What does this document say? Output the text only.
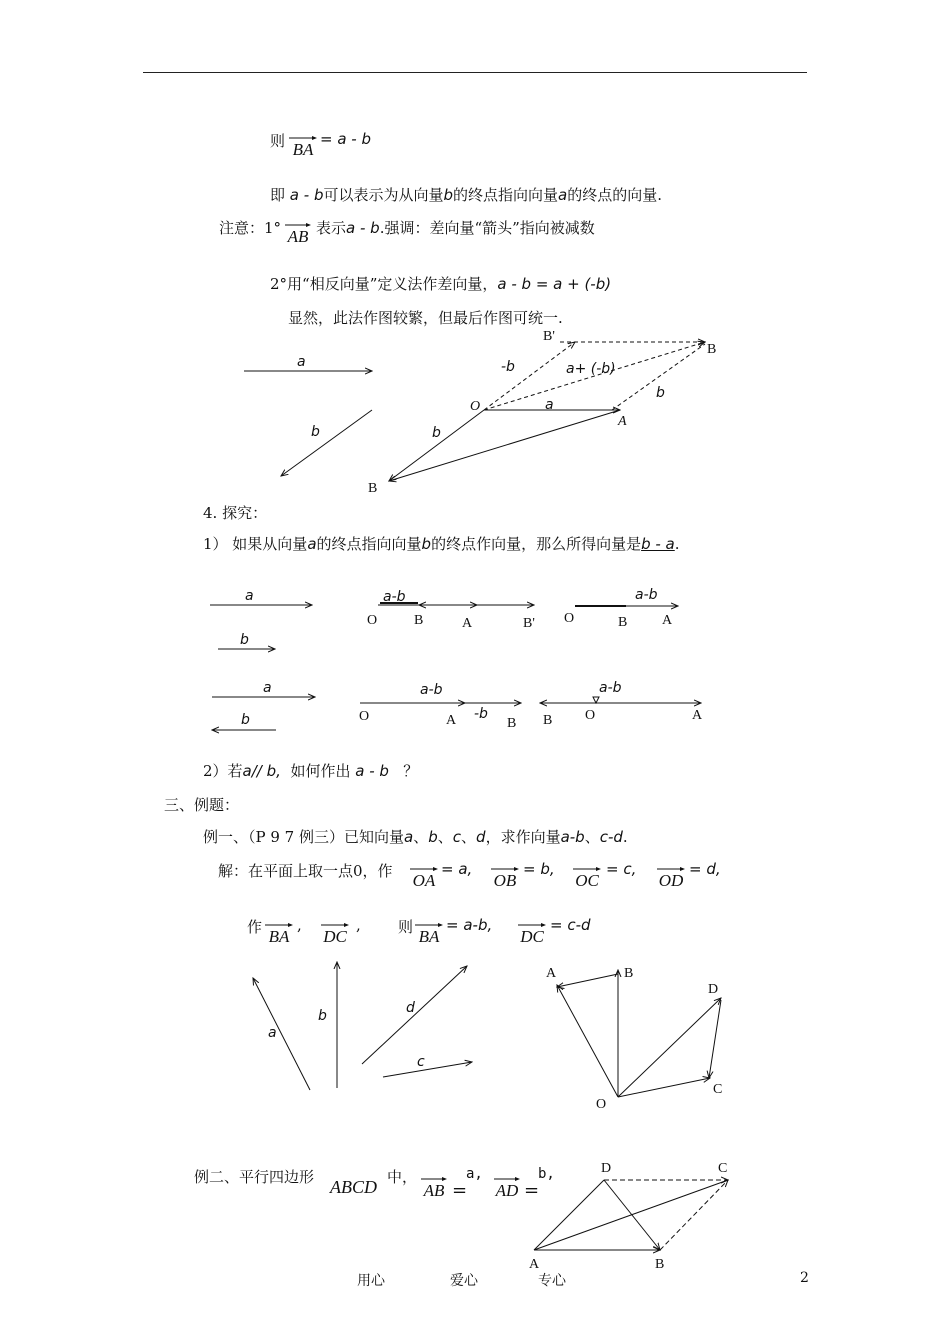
则 BA
= a - b
即 a - b可以表示为从向量b的终点指向向量a的终点的向量.
注意：1° AB 表示a - b.强调：差向量“箭头”指向被减数
2°用“相反向量”定义法作差向量，a - b = a + (-b)
显然，此法作图较繁，但最后作图可统一.
a
b
-b	a+ (-b)
a
b
b
O
A
B
B'
B
a
b
a-b
O	B	A	B'
a-b
O	B A
a
b
a-b
-b
O	A	B
a-b
B O	A
a
b	d
c
A	B
D
C
O
D	C
A	B
4. 探究：
1） 如果从向量a的终点指向向量b的终点作向量，那么所得向量是b - a.
2）若a// b, 如何作出 a - b ？
三、例题：
例一、（P 9 7 例三）已知向量a、b、c、d，求作向量a-b、c-d.
解：在平面上取一点0，作 OA
= a,
OB
= b,
OC
= c,
OD
= d,
作 BA
,
DC
, 则 BA
= a-b,
DC
= c-d
例二、平行四边形 ABCD 中，
AB =
a,
AD =
b,
用心	爱心	专心	2
